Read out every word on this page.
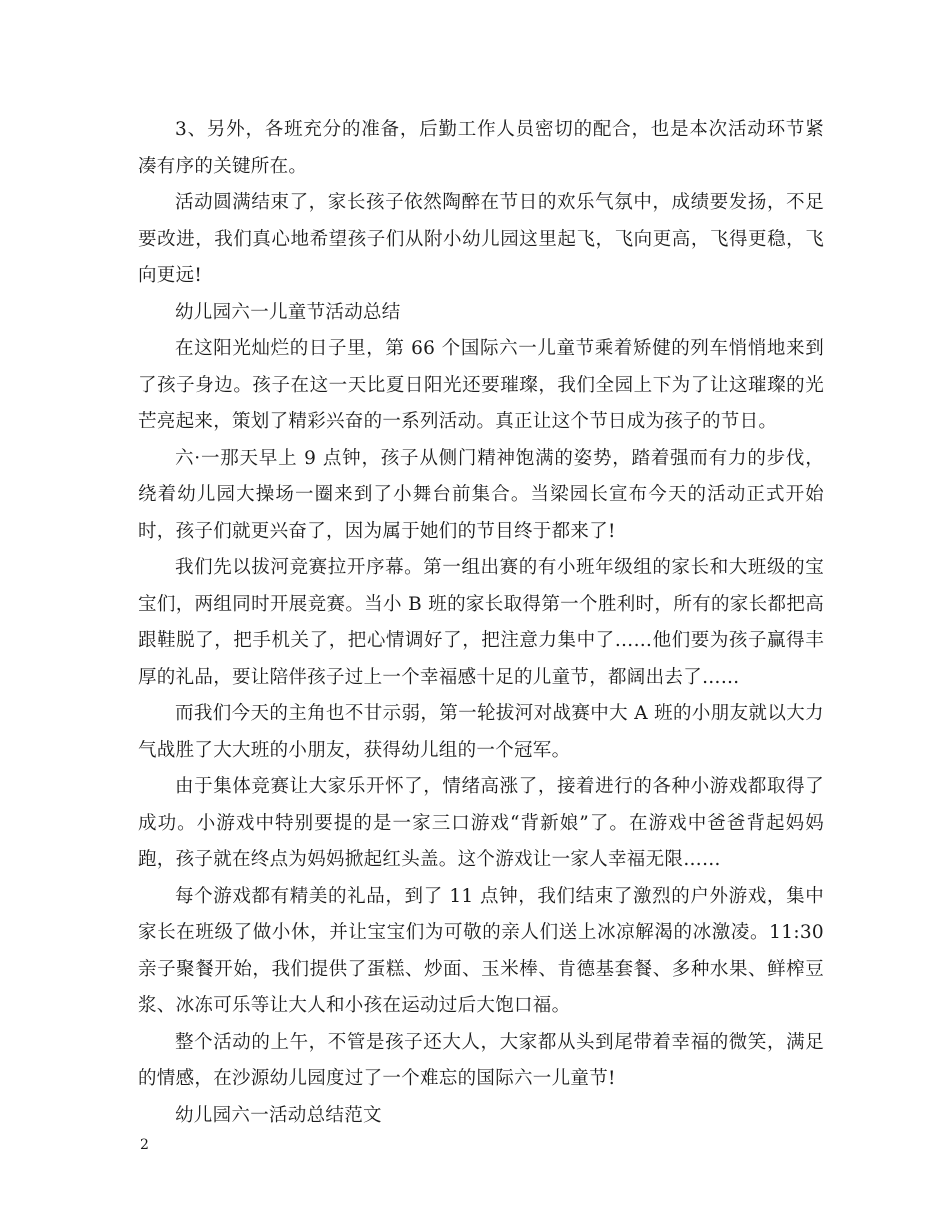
3、另外，各班充分的准备，后勤工作人员密切的配合，也是本次活动环节紧凑有序的关键所在。

活动圆满结束了，家长孩子依然陶醉在节日的欢乐气氛中，成绩要发扬，不足要改进，我们真心地希望孩子们从附小幼儿园这里起飞，飞向更高，飞得更稳，飞向更远!

幼儿园六一儿童节活动总结

在这阳光灿烂的日子里，第 66 个国际六一儿童节乘着矫健的列车悄悄地来到了孩子身边。孩子在这一天比夏日阳光还要璀璨，我们全园上下为了让这璀璨的光芒亮起来，策划了精彩兴奋的一系列活动。真正让这个节日成为孩子的节日。

六·一那天早上 9 点钟，孩子从侧门精神饱满的姿势，踏着强而有力的步伐，绕着幼儿园大操场一圈来到了小舞台前集合。当梁园长宣布今天的活动正式开始时，孩子们就更兴奋了，因为属于她们的节目终于都来了!

我们先以拔河竞赛拉开序幕。第一组出赛的有小班年级组的家长和大班级的宝宝们，两组同时开展竞赛。当小 B 班的家长取得第一个胜利时，所有的家长都把高跟鞋脱了，把手机关了，把心情调好了，把注意力集中了……他们要为孩子赢得丰厚的礼品，要让陪伴孩子过上一个幸福感十足的儿童节，都阔出去了……

而我们今天的主角也不甘示弱，第一轮拔河对战赛中大 A 班的小朋友就以大力气战胜了大大班的小朋友，获得幼儿组的一个冠军。

由于集体竞赛让大家乐开怀了，情绪高涨了，接着进行的各种小游戏都取得了成功。小游戏中特别要提的是一家三口游戏“背新娘”了。在游戏中爸爸背起妈妈跑，孩子就在终点为妈妈掀起红头盖。这个游戏让一家人幸福无限……

每个游戏都有精美的礼品，到了 11 点钟，我们结束了激烈的户外游戏，集中家长在班级了做小休，并让宝宝们为可敬的亲人们送上冰凉解渴的冰激凌。11:30 亲子聚餐开始，我们提供了蛋糕、炒面、玉米棒、肯德基套餐、多种水果、鲜榨豆浆、冰冻可乐等让大人和小孩在运动过后大饱口福。

整个活动的上午，不管是孩子还大人，大家都从头到尾带着幸福的微笑，满足的情感，在沙源幼儿园度过了一个难忘的国际六一儿童节!

幼儿园六一活动总结范文

2
